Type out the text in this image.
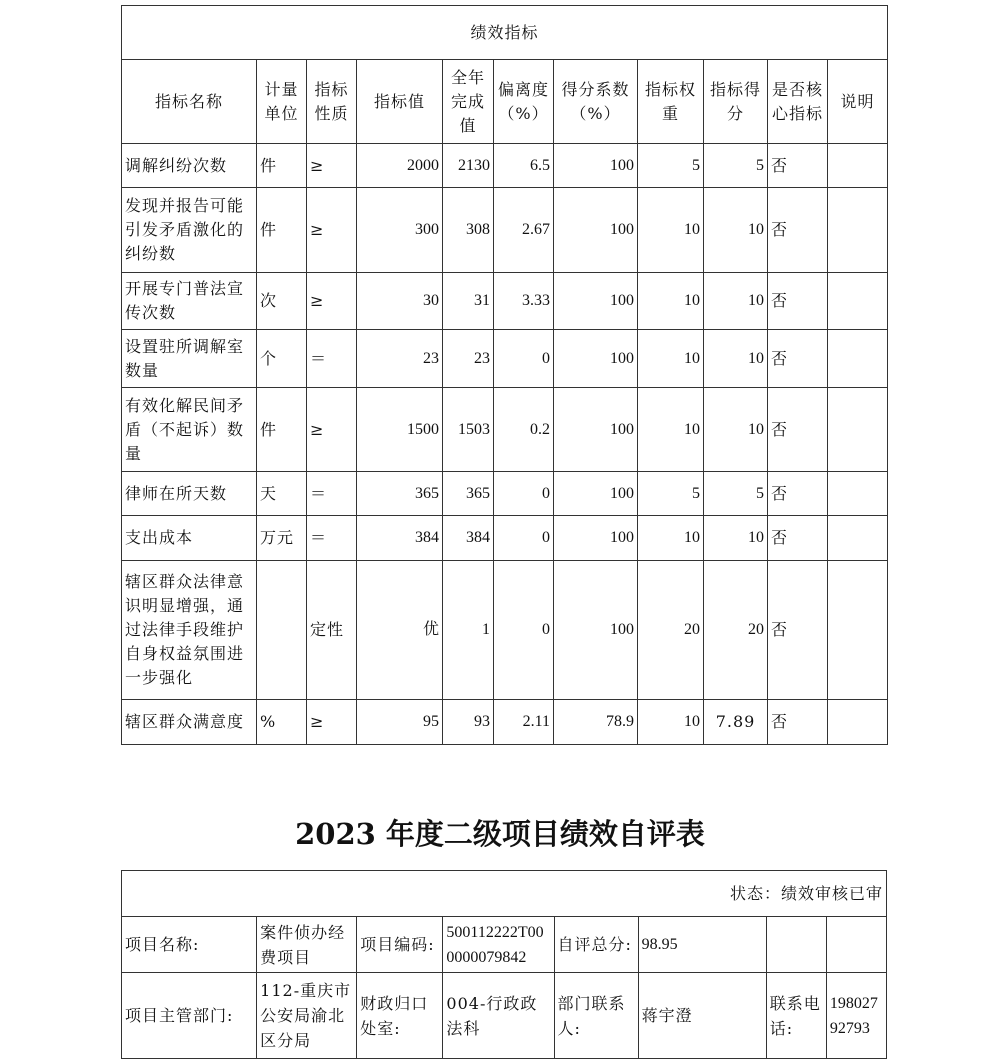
绩效指标										
指标名称	计量单位	指标性质	指标值	全年完成值	偏离度（%）	得分系数（%）	指标权重	指标得分	是否核心指标	说明
调解纠纷次数	件	≥	2000	2130	6.5	100	5	5	否	
发现并报告可能引发矛盾激化的纠纷数	件	≥	300	308	2.67	100	10	10	否	
开展专门普法宣传次数	次	≥	30	31	3.33	100	10	10	否	
设置驻所调解室数量	个	＝	23	23	0	100	10	10	否	
有效化解民间矛盾（不起诉）数量	件	≥	1500	1503	0.2	100	10	10	否	
律师在所天数	天	＝	365	365	0	100	5	5	否	
支出成本	万元	＝	384	384	0	100	10	10	否	
辖区群众法律意识明显增强，通过法律手段维护自身权益氛围进一步强化		定性	优	1	0	100	20	20	否	
辖区群众满意度	%	≥	95	93	2.11	78.9	10	7.89	否	
2023 年度二级项目绩效自评表
状态：绩效审核已审							
项目名称:	案件侦办经费项目	项目编码:	500112222T000000079842	自评总分:	98.95		
项目主管部门:	112-重庆市公安局渝北区分局	财政归口处室:	004-行政政法科	部门联系人:	蒋宇澄	联系电话:	19802792793
